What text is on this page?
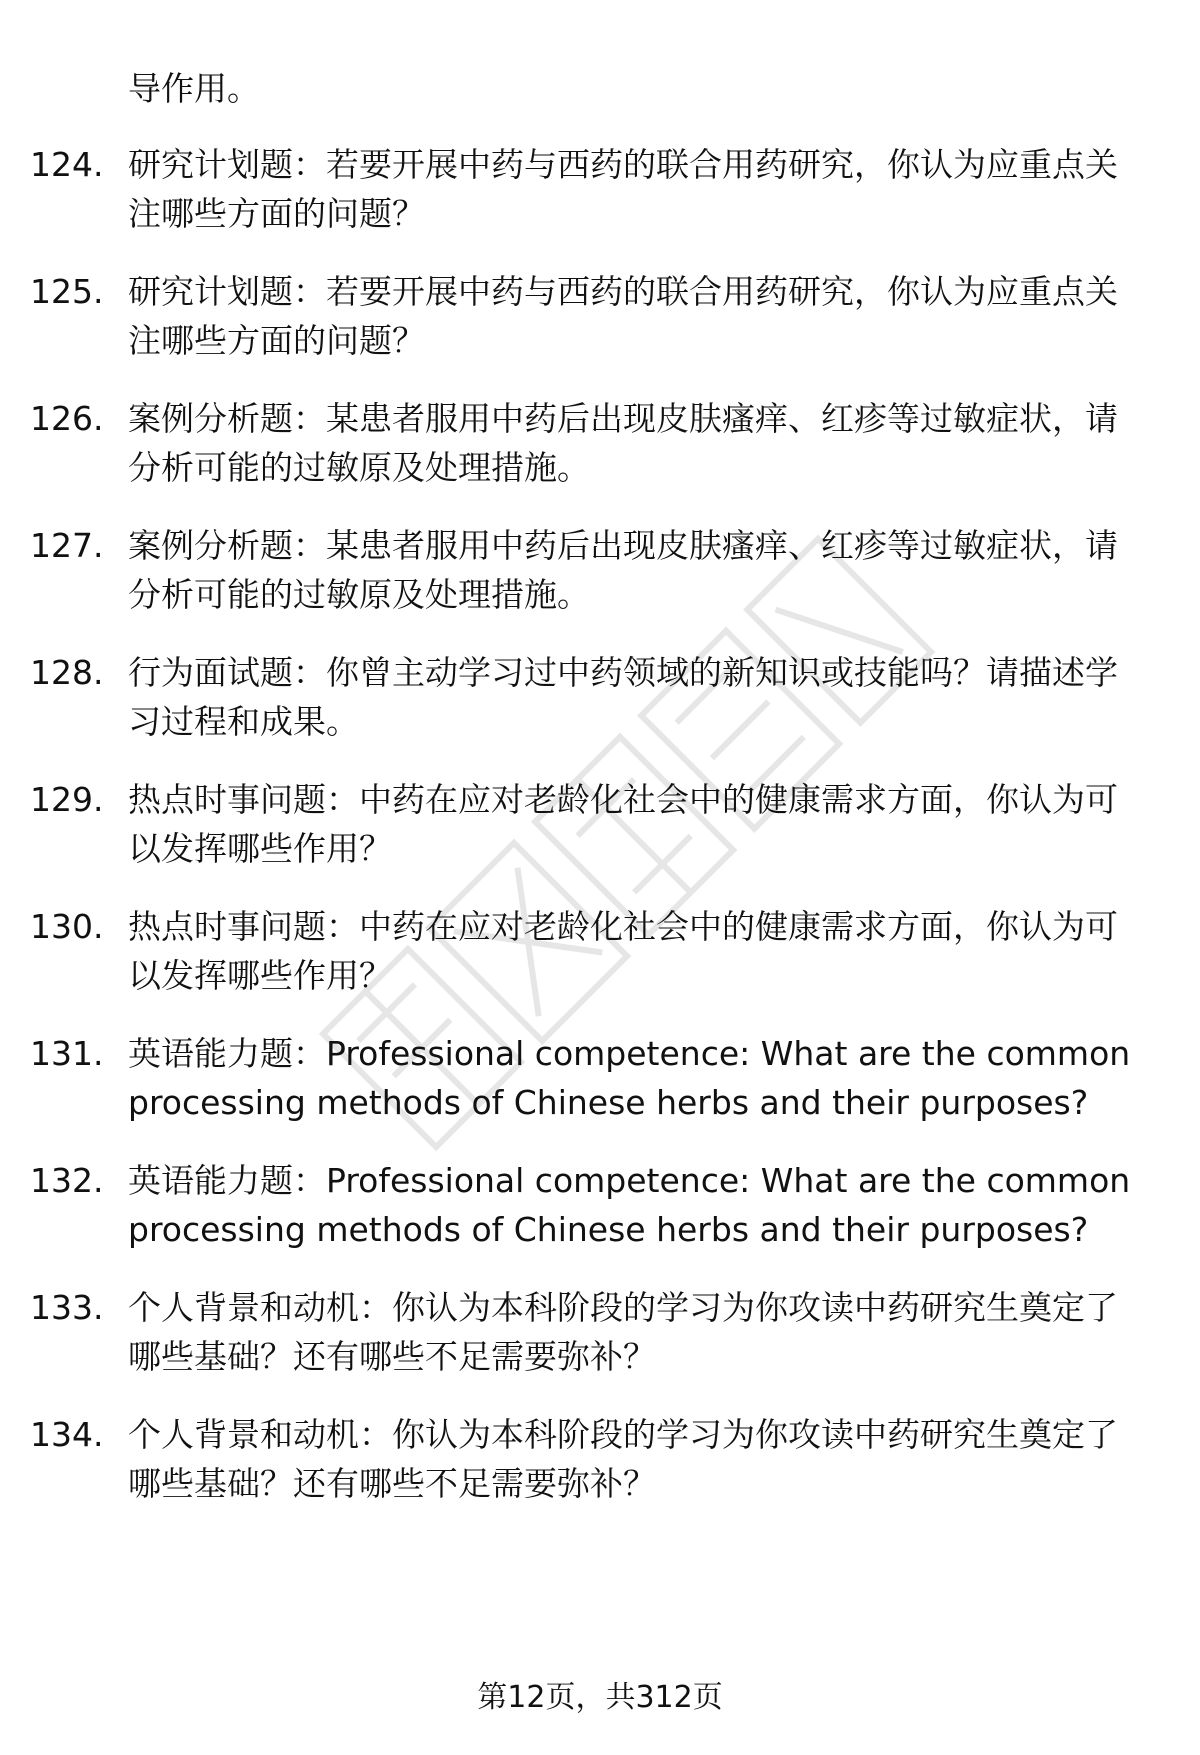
导作用。
124. 研究计划题：若要开展中药与西药的联合用药研究，你认为应重点关注哪些方面的问题？
125. 研究计划题：若要开展中药与西药的联合用药研究，你认为应重点关注哪些方面的问题？
126. 案例分析题：某患者服用中药后出现皮肤瘙痒、红疹等过敏症状，请分析可能的过敏原及处理措施。
127. 案例分析题：某患者服用中药后出现皮肤瘙痒、红疹等过敏症状，请分析可能的过敏原及处理措施。
128. 行为面试题：你曾主动学习过中药领域的新知识或技能吗？请描述学习过程和成果。
129. 热点时事问题：中药在应对老龄化社会中的健康需求方面，你认为可以发挥哪些作用？
130. 热点时事问题：中药在应对老龄化社会中的健康需求方面，你认为可以发挥哪些作用？
131. 英语能力题：Professional competence: What are the common processing methods of Chinese herbs and their purposes?
132. 英语能力题：Professional competence: What are the common processing methods of Chinese herbs and their purposes?
133. 个人背景和动机：你认为本科阶段的学习为你攻读中药研究生奠定了哪些基础？还有哪些不足需要弥补？
134. 个人背景和动机：你认为本科阶段的学习为你攻读中药研究生奠定了哪些基础？还有哪些不足需要弥补？
第12页，共312页
